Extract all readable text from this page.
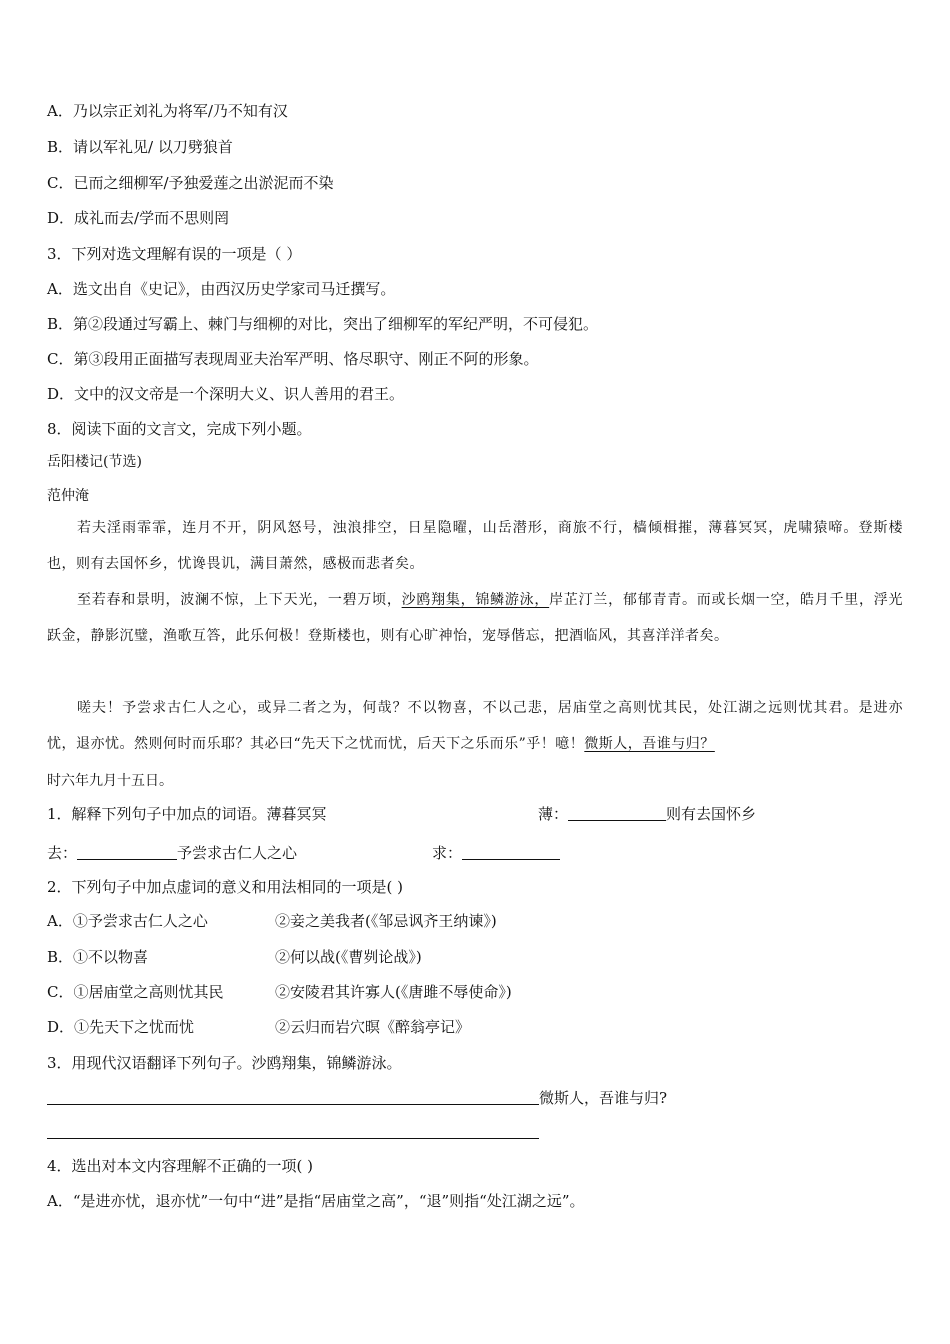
A．乃以宗正刘礼为将军/乃不知有汉
B．请以军礼见/ 以刀劈狼首
C．已而之细柳军/予独爱莲之出淤泥而不染
D．成礼而去/学而不思则罔
3．下列对选文理解有误的一项是（ ）
A．选文出自《史记》，由西汉历史学家司马迁撰写。
B．第②段通过写霸上、棘门与细柳的对比，突出了细柳军的军纪严明，不可侵犯。
C．第③段用正面描写表现周亚夫治军严明、恪尽职守、刚正不阿的形象。
D．文中的汉文帝是一个深明大义、识人善用的君王。
8．阅读下面的文言文，完成下列小题。
岳阳楼记(节选)
范仲淹
若夫淫雨霏霏，连月不开，阴风怒号，浊浪排空，日星隐曜，山岳潜形，商旅不行，樯倾楫摧，薄暮冥冥，虎啸猿啼。登斯楼也，则有去国怀乡，忧谗畏讥，满目萧然，感极而悲者矣。
至若春和景明，波澜不惊，上下天光，一碧万顷，沙鸥翔集，锦鳞游泳，岸芷汀兰，郁郁青青。而或长烟一空，皓月千里，浮光跃金，静影沉璧，渔歌互答，此乐何极！登斯楼也，则有心旷神怡，宠辱偕忘，把酒临风，其喜洋洋者矣。
嗟夫！予尝求古仁人之心，或异二者之为，何哉？不以物喜，不以己悲，居庙堂之高则忧其民，处江湖之远则忧其君。是进亦忧，退亦忧。然则何时而乐耶？其必曰“先天下之忧而忧，后天下之乐而乐”乎！噫！微斯人，吾谁与归？
时六年九月十五日。
1．解释下列句子中加点的词语。薄暮冥冥	薄：	则有去国怀乡
去：	予尝求古仁人之心	求：
2．下列句子中加点虚词的意义和用法相同的一项是( )
A．①予尝求古仁人之心	②妾之美我者(《邹忌讽齐王纳谏》)
B．①不以物喜	②何以战(《曹刿论战》)
C．①居庙堂之高则忧其民	②安陵君其许寡人(《唐雎不辱使命》)
D．①先天下之忧而忧	②云归而岩穴暝《醉翁亭记》
3．用现代汉语翻译下列句子。沙鸥翔集，锦鳞游泳。
微斯人，吾谁与归?
4．选出对本文内容理解不正确的一项( )
A．“是进亦忧，退亦忧”一句中“进”是指“居庙堂之高”，“退”则指“处江湖之远”。
